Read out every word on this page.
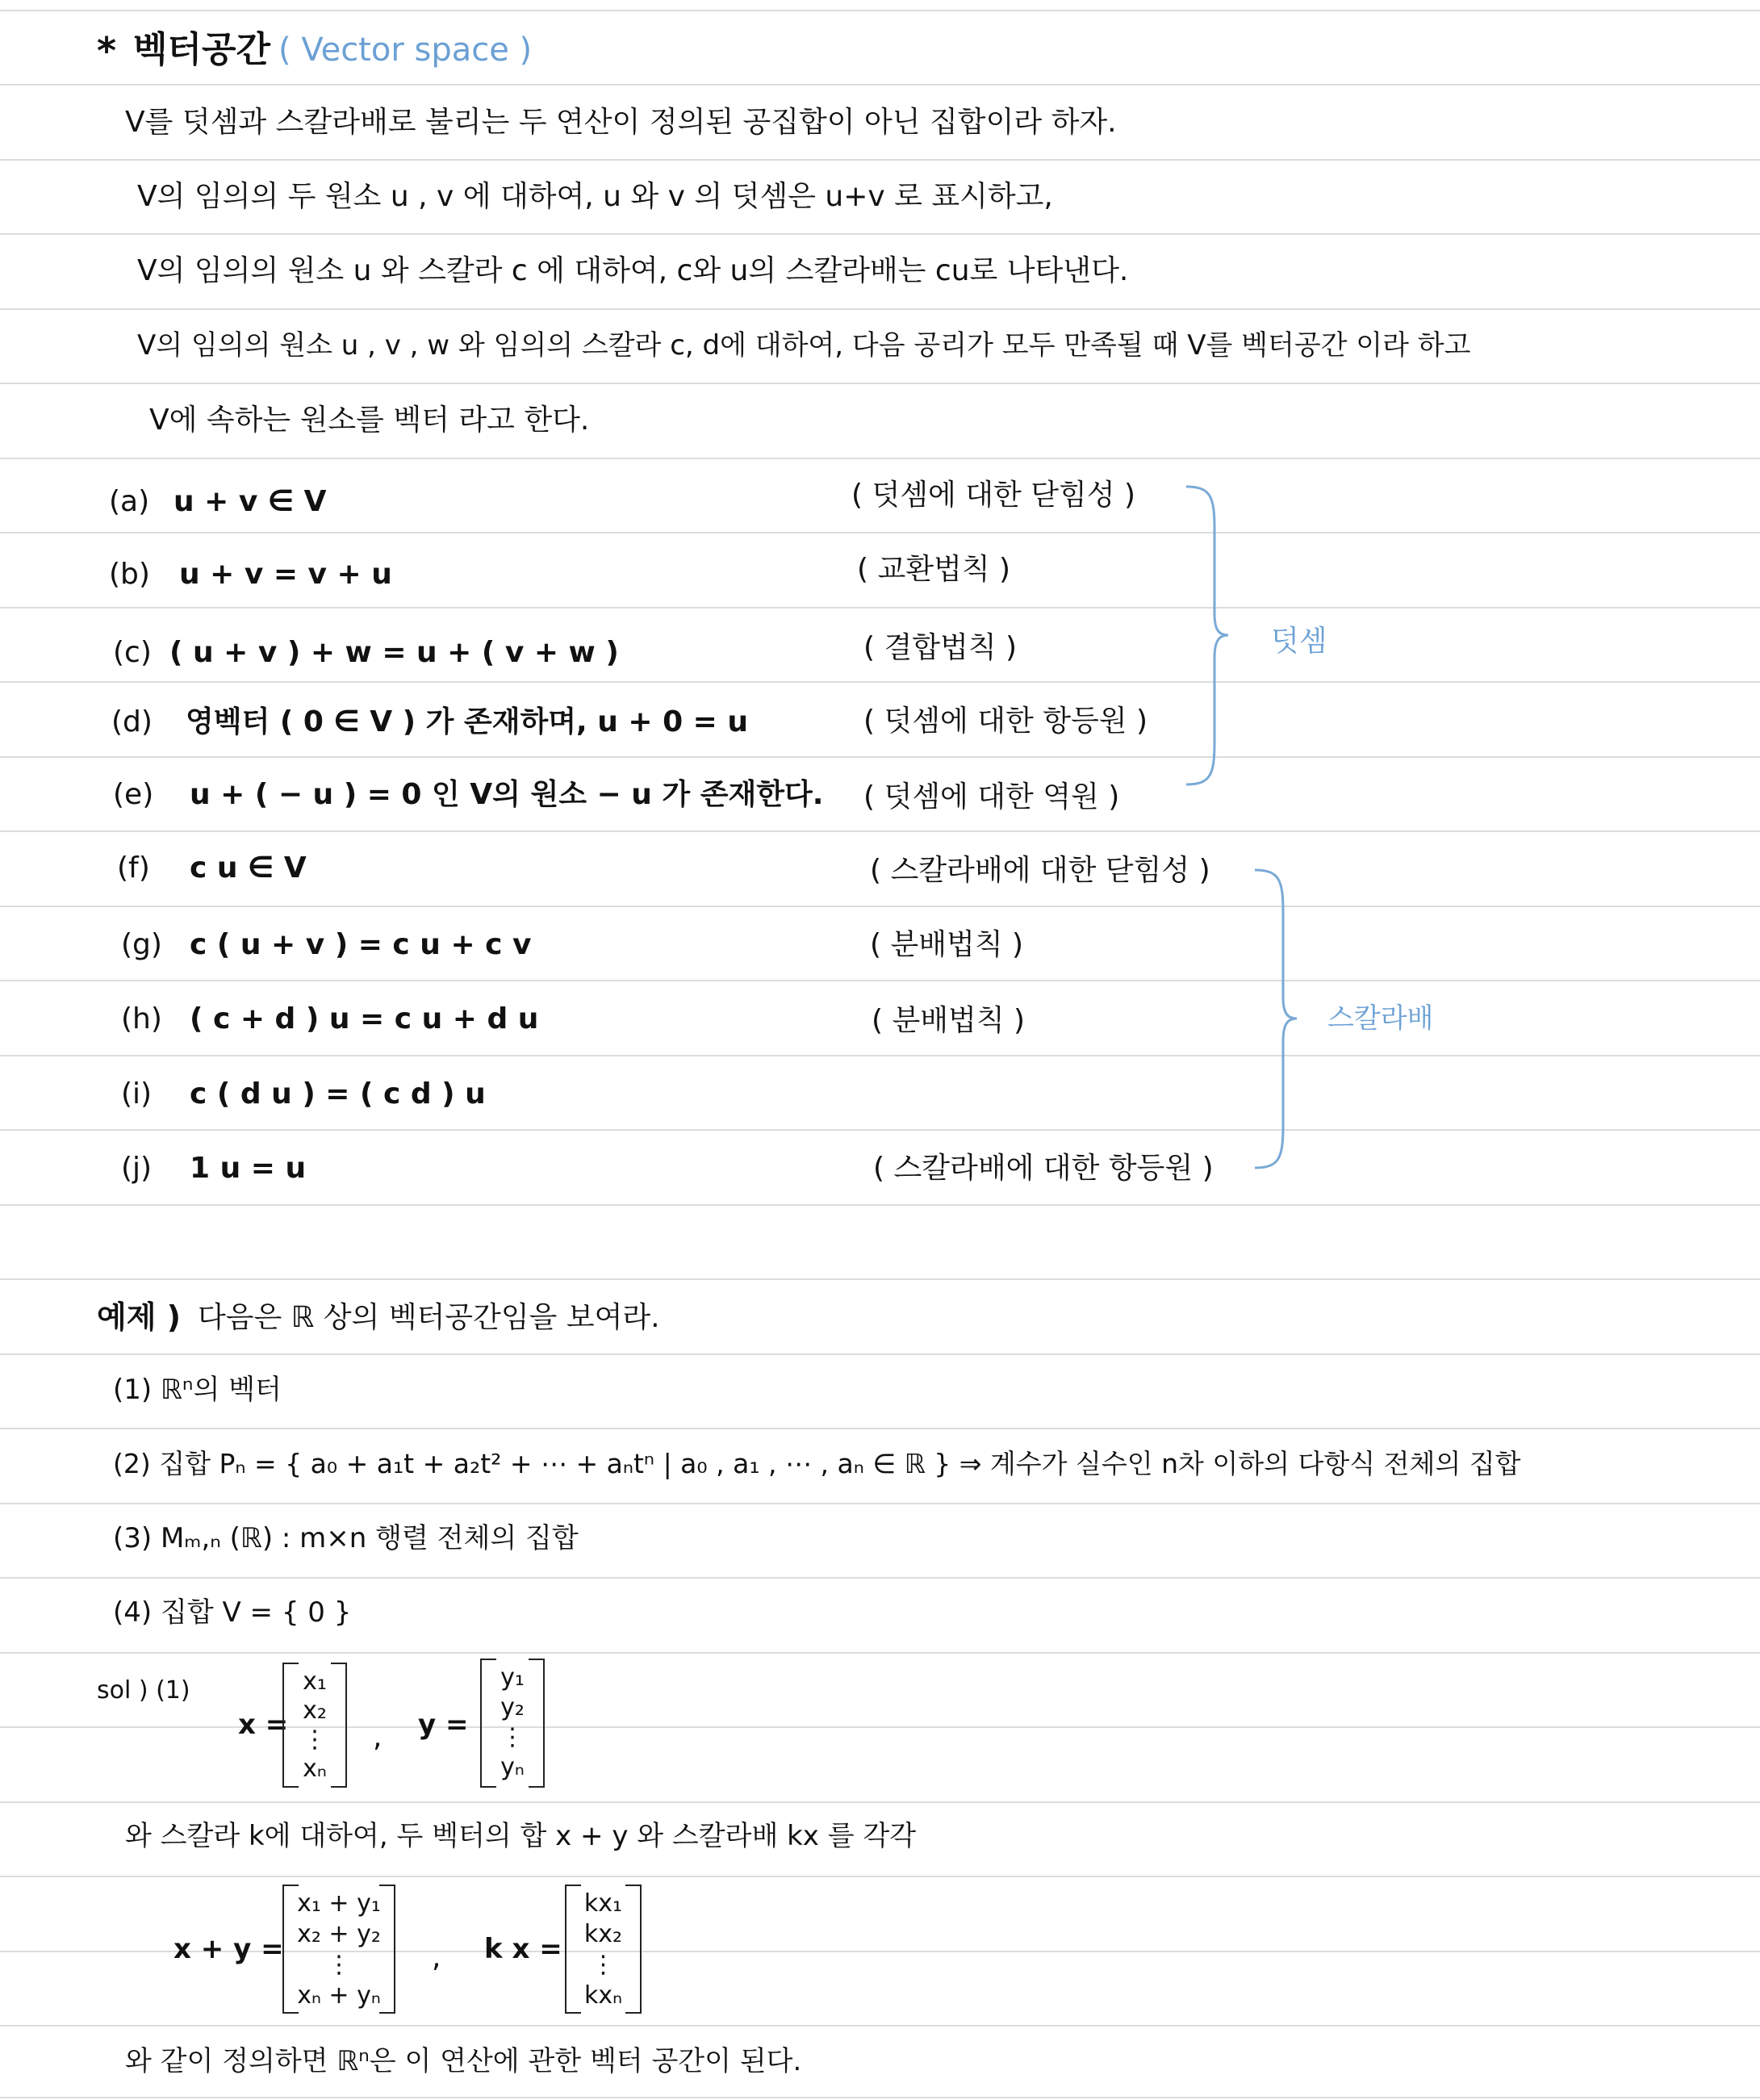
* 벡터공간 ( Vector space )
V를 덧셈과 스칼라배로 불리는 두 연산이 정의된 공집합이 아닌 집합이라 하자.
V의 임의의 두 원소 u , v 에 대하여, u 와 v 의 덧셈은 u+v 로 표시하고,
V의 임의의 원소 u 와 스칼라 c 에 대하여, c와 u의 스칼라배는 cu로 나타낸다.
V의 임의의 원소 u , v , w 와 임의의 스칼라 c, d에 대하여, 다음 공리가 모두 만족될 때 V를 벡터공간 이라 하고
V에 속하는 원소를 벡터 라고 한다.
(a) u + v ∈ V	( 덧셈에 대한 닫힘성 )
(b) u + v = v + u	( 교환법칙 )
(c) ( u + v ) + w = u + ( v + w )	( 결합법칙 )
(d) 영벡터 ( 0 ∈ V ) 가 존재하며, u + 0 = u	( 덧셈에 대한 항등원 )
(e) u + ( − u ) = 0 인 V의 원소 − u 가 존재한다. ( 덧셈에 대한 역원 )
(f) c u ∈ V	( 스칼라배에 대한 닫힘성 )
(g) c ( u + v ) = c u + c v	( 분배법칙 )
(h) ( c + d ) u = c u + d u	( 분배법칙 )
(i) c ( d u ) = ( c d ) u
(j) 1 u = u	( 스칼라배에 대한 항등원 )
덧셈
스칼라배
예제 ) 다음은 ℝ 상의 벡터공간임을 보여라.
(1) ℝⁿ의 벡터
(2) 집합 Pₙ = { a₀ + a₁t + a₂t² + ⋯ + aₙtⁿ | a₀ , a₁ , ⋯ , aₙ ∈ ℝ } ⇒ 계수가 실수인 n차 이하의 다항식 전체의 집합
(3) Mₘ,ₙ (ℝ) : m×n 행렬 전체의 집합
(4) 집합 V = { 0 }
sol ) (1)
x =
x₁
x₂
⋮
xₙ
, y =
y₁
y₂
⋮
yₙ
와 스칼라 k에 대하여, 두 벡터의 합 x + y 와 스칼라배 kx 를 각각
x + y =
x₁ + y₁
x₂ + y₂
⋮
xₙ + yₙ
, k x =
kx₁
kx₂
⋮
kxₙ
와 같이 정의하면 ℝⁿ은 이 연산에 관한 벡터 공간이 된다.
